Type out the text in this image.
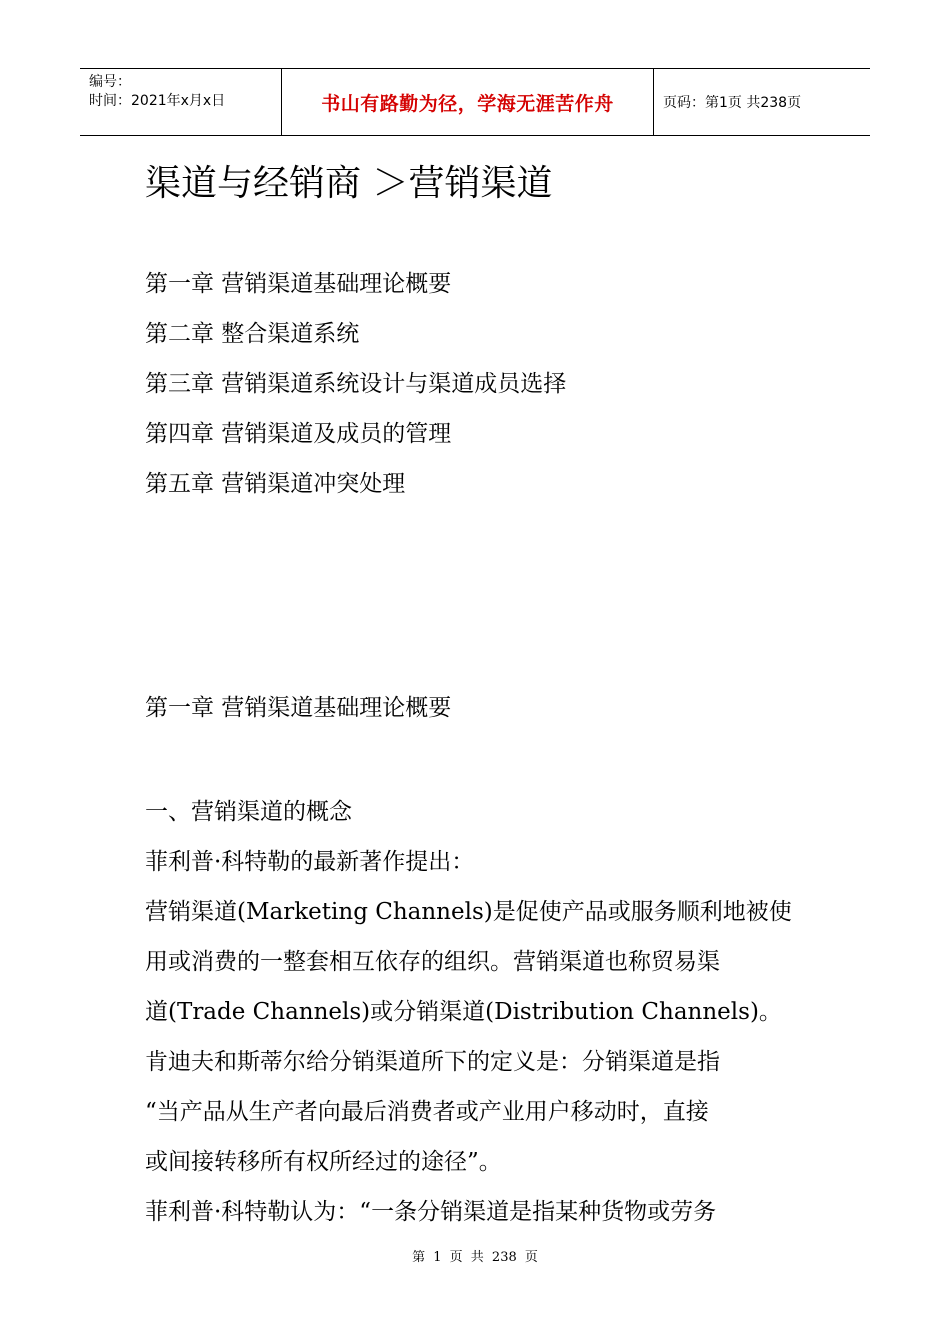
编号：
时间：2021年x月x日	书山有路勤为径，学海无涯苦作舟	页码：第1页 共238页
渠道与经销商 ＞营销渠道
第一章 营销渠道基础理论概要
第二章 整合渠道系统
第三章 营销渠道系统设计与渠道成员选择
第四章 营销渠道及成员的管理
第五章 营销渠道冲突处理
第一章 营销渠道基础理论概要

一、营销渠道的概念

菲利普·科特勒的最新著作提出：

营销渠道(Marketing Channels)是促使产品或服务顺利地被使

用或消费的一整套相互依存的组织。营销渠道也称贸易渠

道(Trade Channels)或分销渠道(Distribution Channels)。

肯迪夫和斯蒂尔给分销渠道所下的定义是：分销渠道是指

“当产品从生产者向最后消费者或产业用户移动时，直接

或间接转移所有权所经过的途径”。

菲利普·科特勒认为：“一条分销渠道是指某种货物或劳务

第 1 页 共 238 页
